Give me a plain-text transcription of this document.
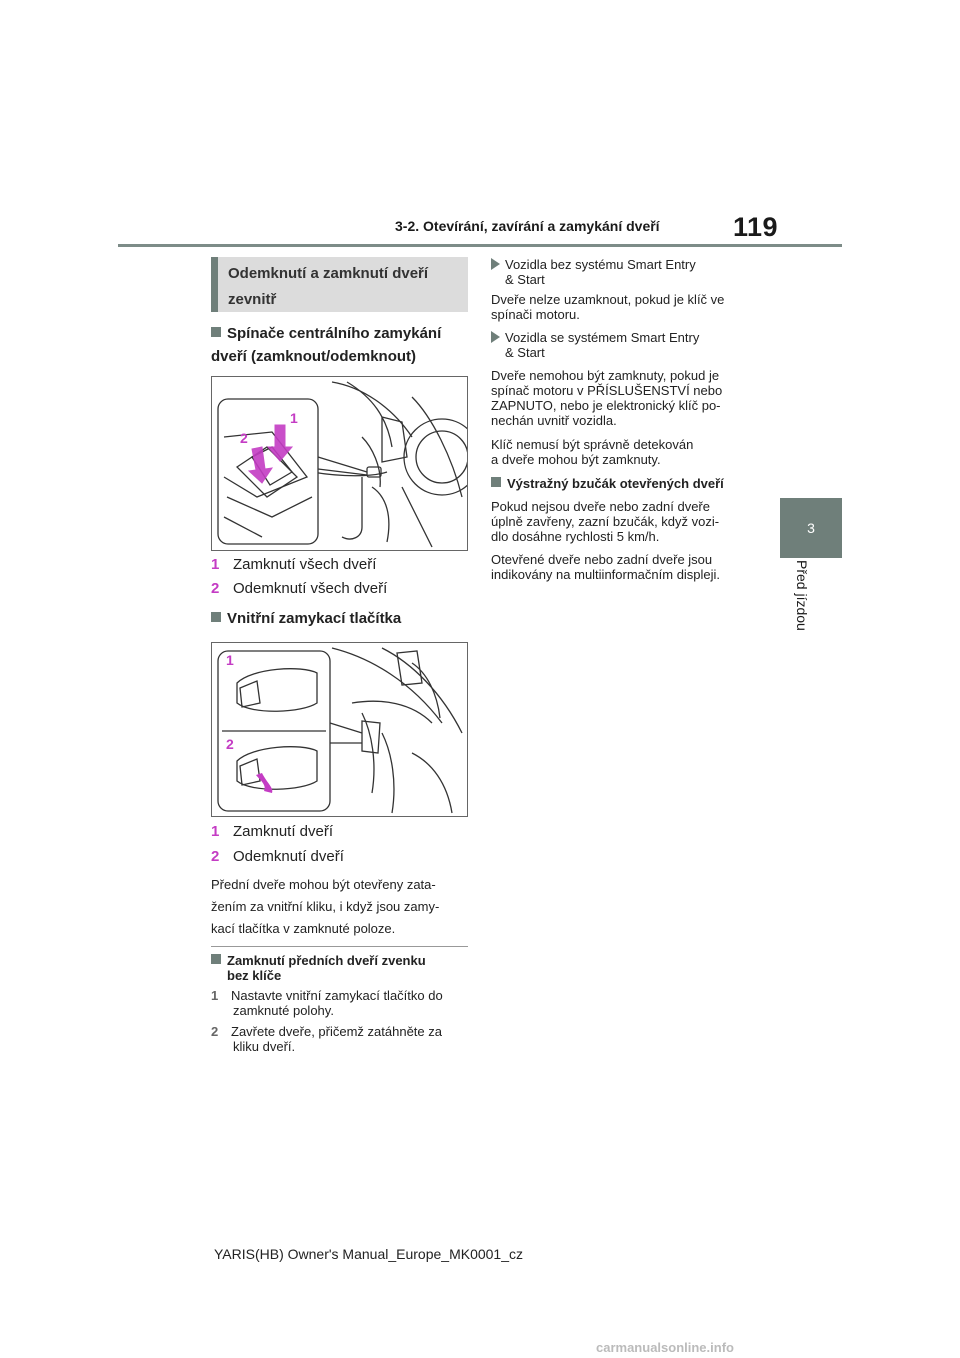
3-2. Otevírání, zavírání a zamykání dveří	119
3
Před jízdou
Odemknutí a zamknutí dveří zevnitř
Spínače centrálního zamykání dveří (zamknout/odemknout)
1
2
1 Zamknutí všech dveří
2 Odemknutí všech dveří
Vnitřní zamykací tlačítka
1
2
1 Zamknutí dveří
2 Odemknutí dveří
Přední dveře mohou být otevřeny zata-
žením za vnitřní kliku, i když jsou zamy-
kací tlačítka v zamknuté poloze.
Zamknutí předních dveří zvenku
bez klíče
1 Nastavte vnitřní zamykací tlačítko do
zamknuté polohy.
2 Zavřete dveře, přičemž zatáhněte za
kliku dveří.
Vozidla bez systému Smart Entry
& Start
Dveře nelze uzamknout, pokud je klíč ve
spínači motoru.
Vozidla se systémem Smart Entry
& Start
Dveře nemohou být zamknuty, pokud je
spínač motoru v PŘÍSLUŠENSTVÍ nebo
ZAPNUTO, nebo je elektronický klíč po-
nechán uvnitř vozidla.
Klíč nemusí být správně detekován
a dveře mohou být zamknuty.
Výstražný bzučák otevřených dveří
Pokud nejsou dveře nebo zadní dveře
úplně zavřeny, zazní bzučák, když vozi-
dlo dosáhne rychlosti 5 km/h.
Otevřené dveře nebo zadní dveře jsou
indikovány na multiinformačním displeji.
YARIS(HB) Owner's Manual_Europe_MK0001_cz
carmanualsonline.info
